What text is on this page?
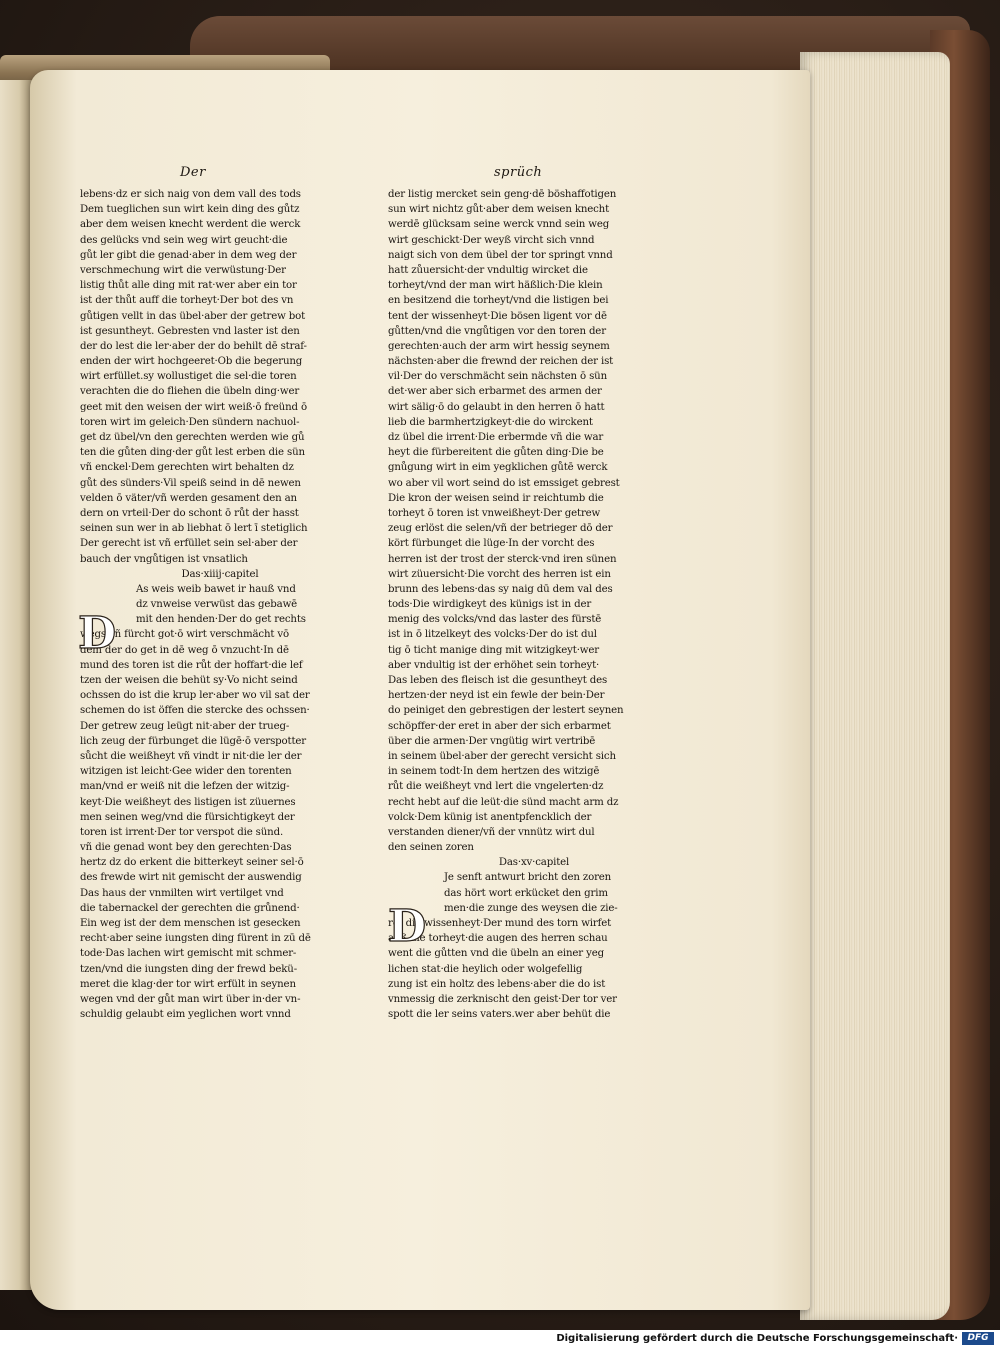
Der	sprüch
lebens·dz er sich naig von dem vall des tods
Dem tueglichen sun wirt kein ding des gůtz
aber dem weisen knecht werdent die werck
des gelücks vnd sein weg wirt geucht·die
gůt ler gibt die genad·aber in dem weg der
verschmechung wirt die verwüstung·Der
listig thůt alle ding mit rat·wer aber ein tor
ist der thůt auff die torheyt·Der bot des vn
gůtigen vellt in das übel·aber der getrew bot
ist gesuntheyt. Gebresten vnd laster ist den
der do lest die ler·aber der do behilt dē straf-
enden der wirt hochgeeret·Ob die begerung
wirt erfüllet.sy wollustiget die sel·die toren
verachten die do fliehen die übeln ding·wer
geet mit den weisen der wirt weiß·ō freünd ō
toren wirt im geleich·Den sündern nachuol-
get dz übel/vn den gerechten werden wie gů
ten die gůten ding·der gůt lest erben die sün
vñ enckel·Dem gerechten wirt behalten dz
gůt des sünders·Vil speiß seind in dē newen
velden ō väter/vñ werden gesament den an
dern on vrteil·Der do schont ō růt der hasst
seinen sun wer in ab liebhat ō lert ī stetiglich
Der gerecht ist vñ erfüllet sein sel·aber der
bauch der vngůtigen ist vnsatlich
Das·xiiij·capitel
As weis weib bawet ir hauß vnd
dz vnweise verwüst das gebawē
mit den henden·Der do get rechts
wegs vñ fürcht got·ō wirt verschmächt vō
dem der do get in dē weg ō vnzucht·In dē
mund des toren ist die růt der hoffart·die lef
tzen der weisen die behüt sy·Vo nicht seind
ochssen do ist die krup ler·aber wo vil sat der
schemen do ist öffen die stercke des ochssen·
Der getrew zeug leügt nit·aber der trueg-
lich zeug der fürbunget die lügē·ō verspotter
sůcht die weißheyt vñ vindt ir nit·die ler der
witzigen ist leicht·Gee wider den torenten
man/vnd er weiß nit die lefzen der witzig-
keyt·Die weißheyt des listigen ist züuernes
men seinen weg/vnd die fürsichtigkeyt der
toren ist irrent·Der tor verspot die sünd.
vñ die genad wont bey den gerechten·Das
hertz dz do erkent die bitterkeyt seiner sel·ō
des frewde wirt nit gemischt der auswendig
Das haus der vnmilten wirt vertilget vnd
die tabernackel der gerechten die grůnend·
Ein weg ist der dem menschen ist gesecken
recht·aber seine iungsten ding fürent in zū dē
tode·Das lachen wirt gemischt mit schmer-
tzen/vnd die iungsten ding der frewd bekü-
meret die klag·der tor wirt erfült in seynen
wegen vnd der gůt man wirt über in·der vn-
schuldig gelaubt eim yeglichen wort vnnd
der listig mercket sein geng·dē böshaffotigen
sun wirt nichtz gůt·aber dem weisen knecht
werdē glücksam seine werck vnnd sein weg
wirt geschickt·Der weyß vircht sich vnnd
naigt sich von dem übel der tor springt vnnd
hatt zůuersicht·der vndultig wircket die
torheyt/vnd der man wirt häßlich·Die klein
en besitzend die torheyt/vnd die listigen bei
tent der wissenheyt·Die bösen ligent vor dē
gůtten/vnd die vngůtigen vor den toren der
gerechten·auch der arm wirt hessig seynem
nächsten·aber die frewnd der reichen der ist
vil·Der do verschmächt sein nächsten ō sün
det·wer aber sich erbarmet des armen der
wirt sälig·ō do gelaubt in den herren ō hatt
lieb die barmhertzigkeyt·die do wirckent
dz übel die irrent·Die erbermde vñ die war
heyt die fürbereitent die gůten ding·Die be
gnůgung wirt in eim yegklichen gůtē werck
wo aber vil wort seind do ist emssiget gebrest
Die kron der weisen seind ir reichtumb die
torheyt ō toren ist vnweißheyt·Der getrew
zeug erlöst die selen/vñ der betrieger dō der
kört fürbunget die lüge·In der vorcht des
herren ist der trost der sterck·vnd iren sünen
wirt züuersicht·Die vorcht des herren ist ein
brunn des lebens·das sy naig dū dem val des
tods·Die wirdigkeyt des künigs ist in der
menig des volcks/vnd das laster des fürstē
ist in ō litzelkeyt des volcks·Der do ist dul
tig ō ticht manige ding mit witzigkeyt·wer
aber vndultig ist der erhöhet sein torheyt·
Das leben des fleisch ist die gesuntheyt des
hertzen·der neyd ist ein fewle der bein·Der
do peiniget den gebrestigen der lestert seynen
schöpffer·der eret in aber der sich erbarmet
über die armen·Der vngütig wirt vertribē
in seinem übel·aber der gerecht versicht sich
in seinem todt·In dem hertzen des witzigē
růt die weißheyt vnd lert die vngelerten·dz
recht hebt auf die leüt·die sünd macht arm dz
volck·Dem künig ist anentpfencklich der
verstanden diener/vñ der vnnütz wirt dul
den seinen zoren
Das·xv·capitel
Je senft antwurt bricht den zoren
das hört wort erkücket den grim
men·die zunge des weysen die zie-
ret die wissenheyt·Der mund des torn wirfet
auß die torheyt·die augen des herren schau
went die gůtten vnd die übeln an einer yeg
lichen stat·die heylich oder wolgefellig
zung ist ein holtz des lebens·aber die do ist
vnmessig die zerknischt den geist·Der tor ver
spott die ler seins vaters.wer aber behüt die
D
D
Digitalisierung gefördert durch die Deutsche Forschungsgemeinschaft·	DFG
